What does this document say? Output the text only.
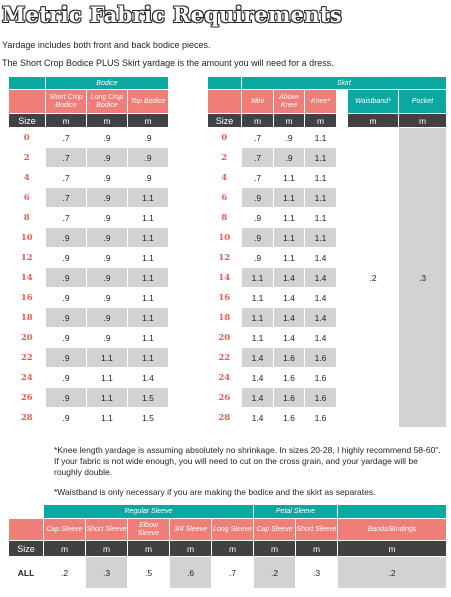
Metric Fabric Requirements
Yardage includes both front and back bodice pieces.
The Short Crop Bodice PLUS Skirt yardage is the amount you will need for a dress.
	Bodice		
	Short Crop Bodice	Long Crop Bodice	Top Bodice
Size	m	m	m
0	.7	.9	.9
2	.7	.9	.9
4	.7	.9	.9
6	.7	.9	1.1
8	.7	.9	1.1
10	.9	.9	1.1
12	.9	.9	1.1
14	.9	.9	1.1
16	.9	.9	1.1
18	.9	.9	1.1
20	.9	.9	1.1
22	.9	1.1	1.1
24	.9	1.1	1.4
26	.9	1.1	1.5
28	.9	1.1	1.5
	Skirt					
	Mini	Above Knee	Knee*		Waistband*	Pocket
Size	m	m	m		m	m
0	.7	.9	1.1		.2	.3
2	.7	.9	1.1			
4	.7	1.1	1.1			
6	.9	1.1	1.1			
8	.9	1.1	1.1			
10	.9	1.1	1.1			
12	.9	1.1	1.4			
14	1.1	1.4	1.4			
16	1.1	1.4	1.4			
18	1.1	1.4	1.4			
20	1.1	1.4	1.4			
22	1.4	1.6	1.6			
24	1.4	1.6	1.6			
26	1.4	1.6	1.6			
28	1.4	1.6	1.6			
*Knee length yardage is assuming absolutely no shrinkage. In sizes 20-28, I highly recommend 58-60". If your fabric is not wide enough, you will need to cut on the cross grain, and your yardage will be roughly double.
*Waistband is only necessary if you are making the bodice and the skirt as separates.
	Regular Sleeve					Petal Sleeve		
	Cap Sleeve	Short Sleeve	Elbow Sleeve	3/4 Sleeve	Long Sleeve	Cap Sleeve	Short Sleeve	Bands/Bindings
Size	m	m	m	m	m	m	m	m
ALL	.2	.3	.5	.6	.7	.2	.3	.2
